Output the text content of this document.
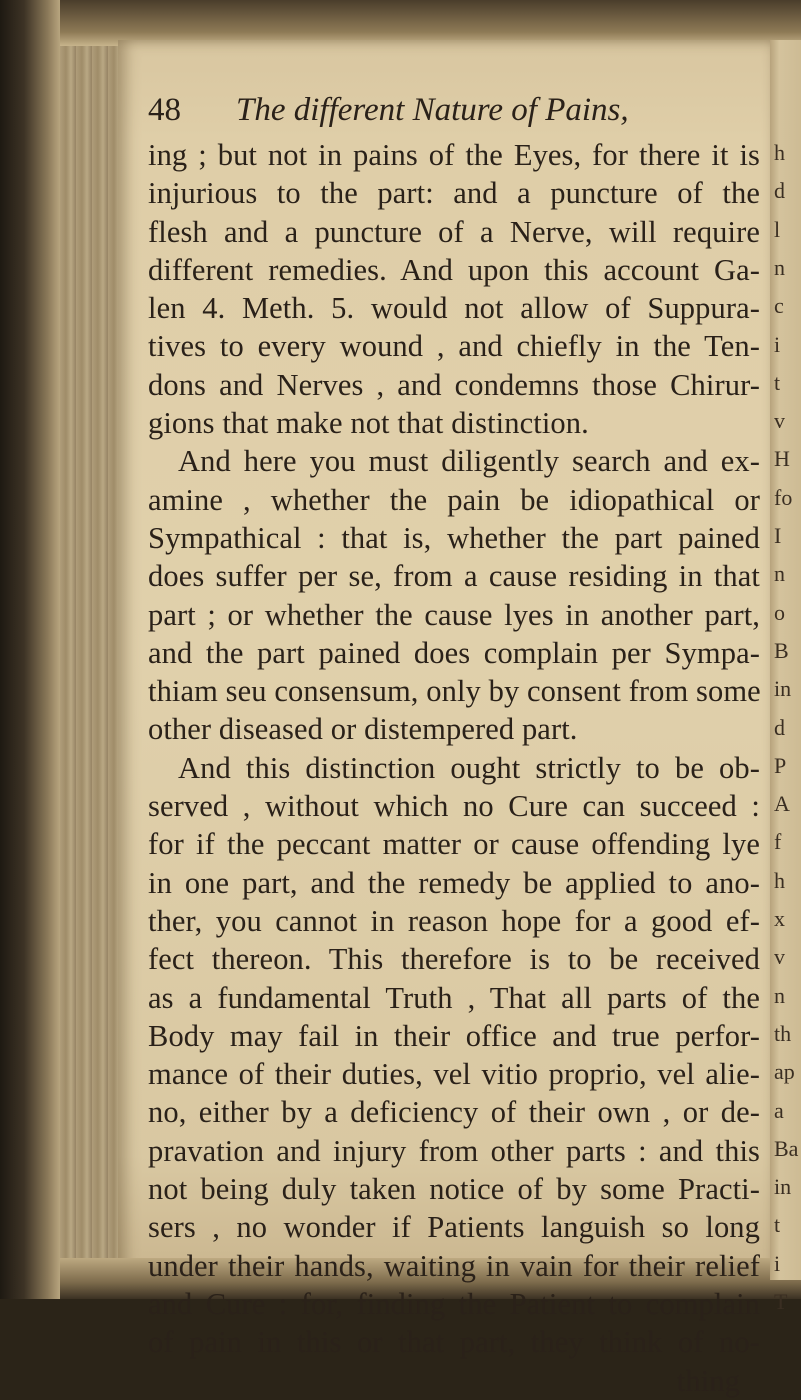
h
d
l
n
c
i
t
v
H
fo
I
n
o
B
in
d
P
A
f
h
x
v
n
th
ap
a
Ba
in
t
i
T
48 The different Nature of Pains,
ing ; but not in pains of the Eyes, for there it is
injurious to the part: and a puncture of the
flesh and a puncture of a Nerve, will require
different remedies. And upon this account Ga-
len 4. Meth. 5. would not allow of Suppura-
tives to every wound , and chiefly in the Ten-
dons and Nerves , and condemns those Chirur-
gions that make not that distinction.
And here you must diligently search and ex-
amine , whether the pain be idiopathical or
Sympathical : that is, whether the part pained
does suffer per se, from a cause residing in that
part ; or whether the cause lyes in another part,
and the part pained does complain per Sympa-
thiam seu consensum, only by consent from some
other diseased or distempered part.
And this distinction ought strictly to be ob-
served , without which no Cure can succeed :
for if the peccant matter or cause offending lye
in one part, and the remedy be applied to ano-
ther, you cannot in reason hope for a good ef-
fect thereon. This therefore is to be received
as a fundamental Truth , That all parts of the
Body may fail in their office and true perfor-
mance of their duties, vel vitio proprio, vel alie-
no, either by a deficiency of their own , or de-
pravation and injury from other parts : and this
not being duly taken notice of by some Practi-
sers , no wonder if Patients languish so long
under their hands, waiting in vain for their relief
and Cure : for, finding the Patient to complain
of pain in this or that part, they think of no-
thing
